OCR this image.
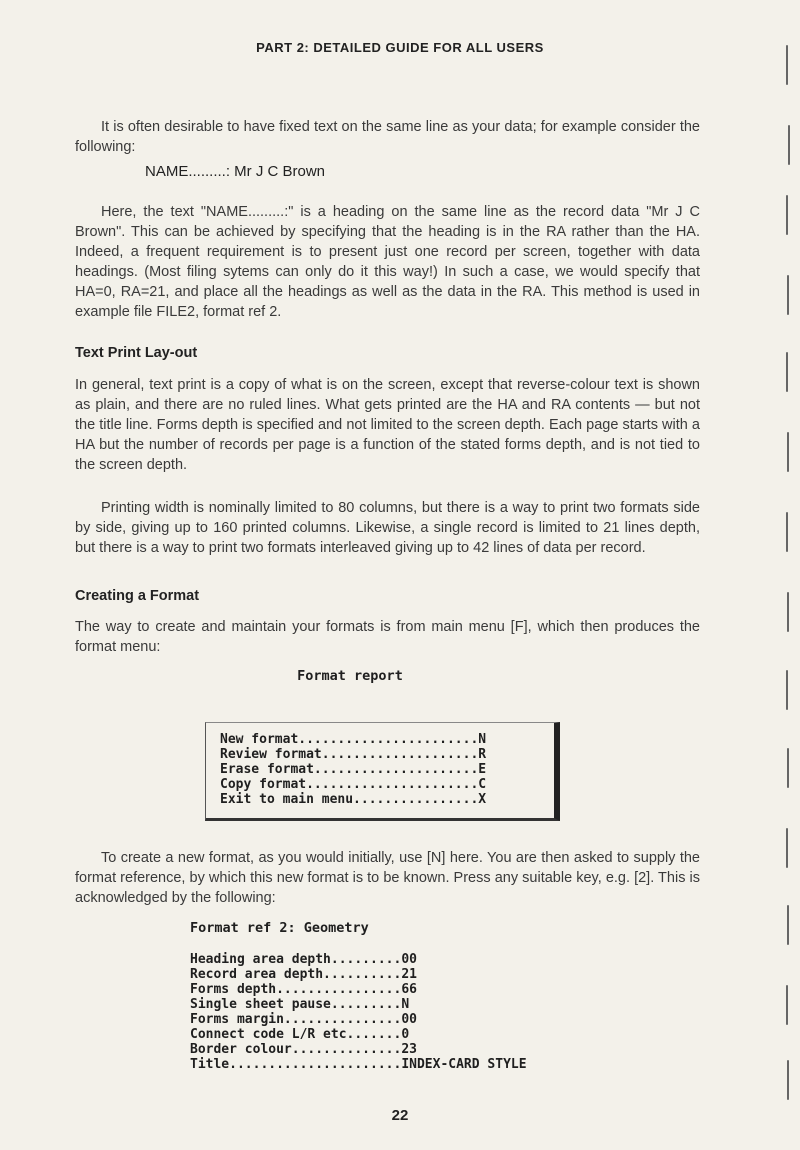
PART 2: DETAILED GUIDE FOR ALL USERS

It is often desirable to have fixed text on the same line as your data; for example consider the following:

NAME.........: Mr J C Brown

Here, the text "NAME.........:" is a heading on the same line as the record data "Mr J C Brown". This can be achieved by specifying that the heading is in the RA rather than the HA. Indeed, a frequent requirement is to present just one record per screen, together with data headings. (Most filing sytems can only do it this way!) In such a case, we would specify that HA=0, RA=21, and place all the headings as well as the data in the RA. This method is used in example file FILE2, format ref 2.

Text Print Lay-out

In general, text print is a copy of what is on the screen, except that reverse-colour text is shown as plain, and there are no ruled lines. What gets printed are the HA and RA contents — but not the title line. Forms depth is specified and not limited to the screen depth. Each page starts with a HA but the number of records per page is a function of the stated forms depth, and is not tied to the screen depth.

Printing width is nominally limited to 80 columns, but there is a way to print two formats side by side, giving up to 160 printed columns. Likewise, a single record is limited to 21 lines depth, but there is a way to print two formats interleaved giving up to 42 lines of data per record.

Creating a Format

The way to create and maintain your formats is from main menu [F], which then produces the format menu:

Format report
New format.......................N
Review format....................R
Erase format.....................E
Copy format......................C
Exit to main menu................X

To create a new format, as you would initially, use [N] here. You are then asked to supply the format reference, by which this new format is to be known. Press any suitable key, e.g. [2]. This is acknowledged by the following:

Format ref 2: Geometry
Heading area depth.........00
Record area depth..........21
Forms depth................66
Single sheet pause.........N
Forms margin...............00
Connect code L/R etc.......0
Border colour..............23
Title......................INDEX-CARD STYLE
22
